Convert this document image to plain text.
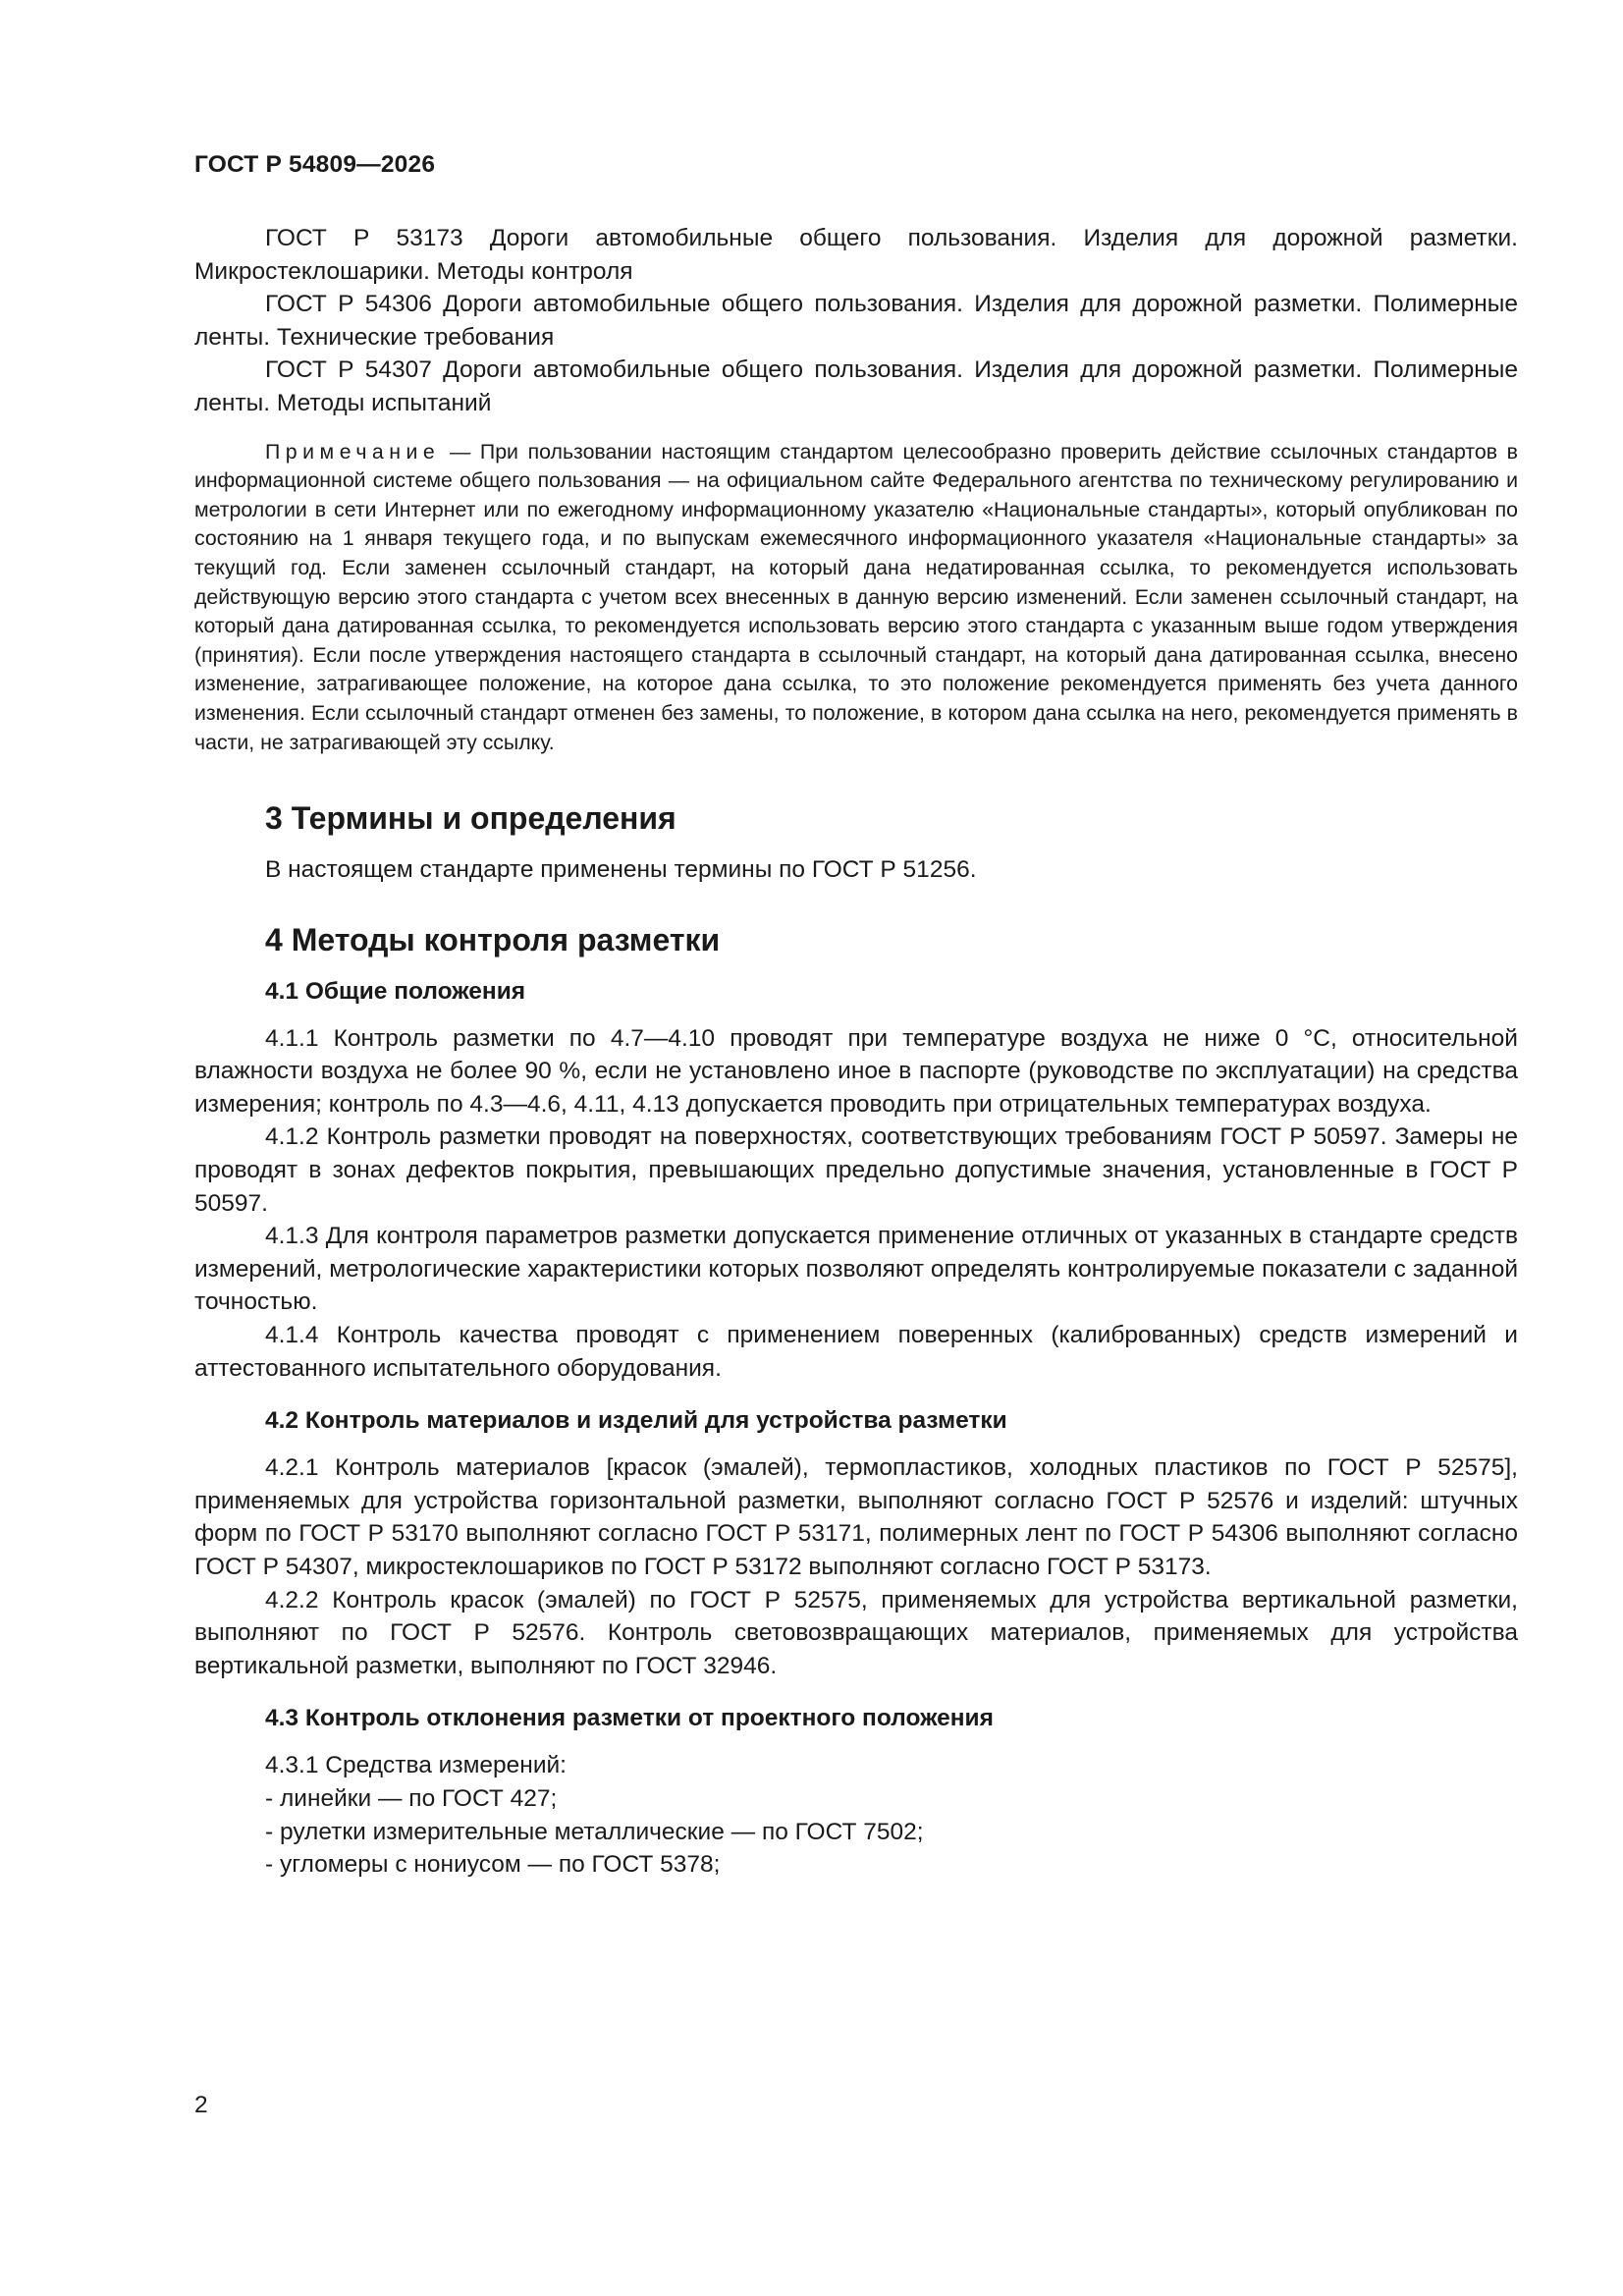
ГОСТ Р 54809—2026

ГОСТ Р 53173 Дороги автомобильные общего пользования. Изделия для дорожной разметки. Микростеклошарики. Методы контроля

ГОСТ Р 54306 Дороги автомобильные общего пользования. Изделия для дорожной разметки. Полимерные ленты. Технические требования

ГОСТ Р 54307 Дороги автомобильные общего пользования. Изделия для дорожной разметки. Полимерные ленты. Методы испытаний

Примечание — При пользовании настоящим стандартом целесообразно проверить действие ссылочных стандартов в информационной системе общего пользования — на официальном сайте Федерального агентства по техническому регулированию и метрологии в сети Интернет или по ежегодному информационному указателю «Национальные стандарты», который опубликован по состоянию на 1 января текущего года, и по выпускам ежемесячного информационного указателя «Национальные стандарты» за текущий год. Если заменен ссылочный стандарт, на который дана недатированная ссылка, то рекомендуется использовать действующую версию этого стандарта с учетом всех внесенных в данную версию изменений. Если заменен ссылочный стандарт, на который дана датированная ссылка, то рекомендуется использовать версию этого стандарта с указанным выше годом утверждения (принятия). Если после утверждения настоящего стандарта в ссылочный стандарт, на который дана датированная ссылка, внесено изменение, затрагивающее положение, на которое дана ссылка, то это положение рекомендуется применять без учета данного изменения. Если ссылочный стандарт отменен без замены, то положение, в котором дана ссылка на него, рекомендуется применять в части, не затрагивающей эту ссылку.

3 Термины и определения

В настоящем стандарте применены термины по ГОСТ Р 51256.

4 Методы контроля разметки
4.1 Общие положения

4.1.1 Контроль разметки по 4.7—4.10 проводят при температуре воздуха не ниже 0 °С, относительной влажности воздуха не более 90 %, если не установлено иное в паспорте (руководстве по эксплуатации) на средства измерения; контроль по 4.3—4.6, 4.11, 4.13 допускается проводить при отрицательных температурах воздуха.

4.1.2 Контроль разметки проводят на поверхностях, соответствующих требованиям ГОСТ Р 50597. Замеры не проводят в зонах дефектов покрытия, превышающих предельно допустимые значения, установленные в ГОСТ Р 50597.

4.1.3 Для контроля параметров разметки допускается применение отличных от указанных в стандарте средств измерений, метрологические характеристики которых позволяют определять контролируемые показатели с заданной точностью.

4.1.4 Контроль качества проводят с применением поверенных (калиброванных) средств измерений и аттестованного испытательного оборудования.

4.2 Контроль материалов и изделий для устройства разметки

4.2.1 Контроль материалов [красок (эмалей), термопластиков, холодных пластиков по ГОСТ Р 52575], применяемых для устройства горизонтальной разметки, выполняют согласно ГОСТ Р 52576 и изделий: штучных форм по ГОСТ Р 53170 выполняют согласно ГОСТ Р 53171, полимерных лент по ГОСТ Р 54306 выполняют согласно ГОСТ Р 54307, микростеклошариков по ГОСТ Р 53172 выполняют согласно ГОСТ Р 53173.

4.2.2 Контроль красок (эмалей) по ГОСТ Р 52575, применяемых для устройства вертикальной разметки, выполняют по ГОСТ Р 52576. Контроль световозвращающих материалов, применяемых для устройства вертикальной разметки, выполняют по ГОСТ 32946.

4.3 Контроль отклонения разметки от проектного положения

4.3.1 Средства измерений:

- линейки — по ГОСТ 427;

- рулетки измерительные металлические — по ГОСТ 7502;

- угломеры с нониусом — по ГОСТ 5378;

2
